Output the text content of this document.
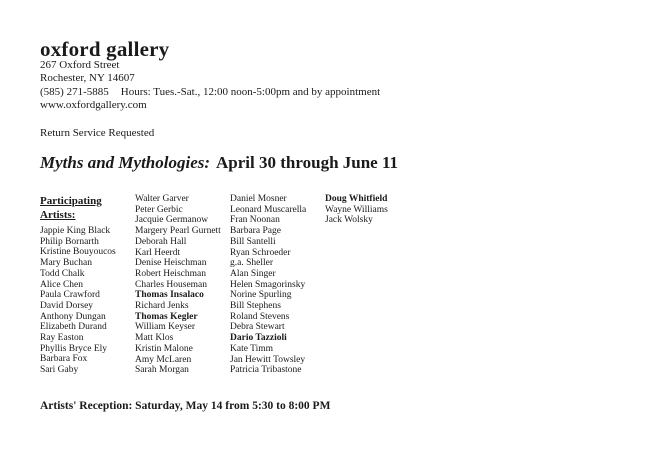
oxford gallery
267 Oxford Street
Rochester, NY 14607
(585) 271-5885 Hours: Tues.-Sat., 12:00 noon-5:00pm and by appointment
www.oxfordgallery.com
Return Service Requested
Myths and Mythologies: April 30 through June 11
Participating
Artists:
Jappie King Black
Philip Bornarth
Kristine Bouyoucos
Mary Buchan
Todd Chalk
Alice Chen
Paula Crawford
David Dorsey
Anthony Dungan
Elizabeth Durand
Ray Easton
Phyllis Bryce Ely
Barbara Fox
Sari Gaby
Walter Garver
Peter Gerbic
Jacquie Germanow
Margery Pearl Gurnett
Deborah Hall
Karl Heerdt
Denise Heischman
Robert Heischman
Charles Houseman
Thomas Insalaco
Richard Jenks
Thomas Kegler
William Keyser
Matt Klos
Kristin Malone
Amy McLaren
Sarah Morgan
Daniel Mosner
Leonard Muscarella
Fran Noonan
Barbara Page
Bill Santelli
Ryan Schroeder
g.a. Sheller
Alan Singer
Helen Smagorinsky
Norine Spurling
Bill Stephens
Roland Stevens
Debra Stewart
Dario Tazzioli
Kate Timm
Jan Hewitt Towsley
Patricia Tribastone
Doug Whitfield
Wayne Williams
Jack Wolsky
Artists' Reception: Saturday, May 14 from 5:30 to 8:00 PM
